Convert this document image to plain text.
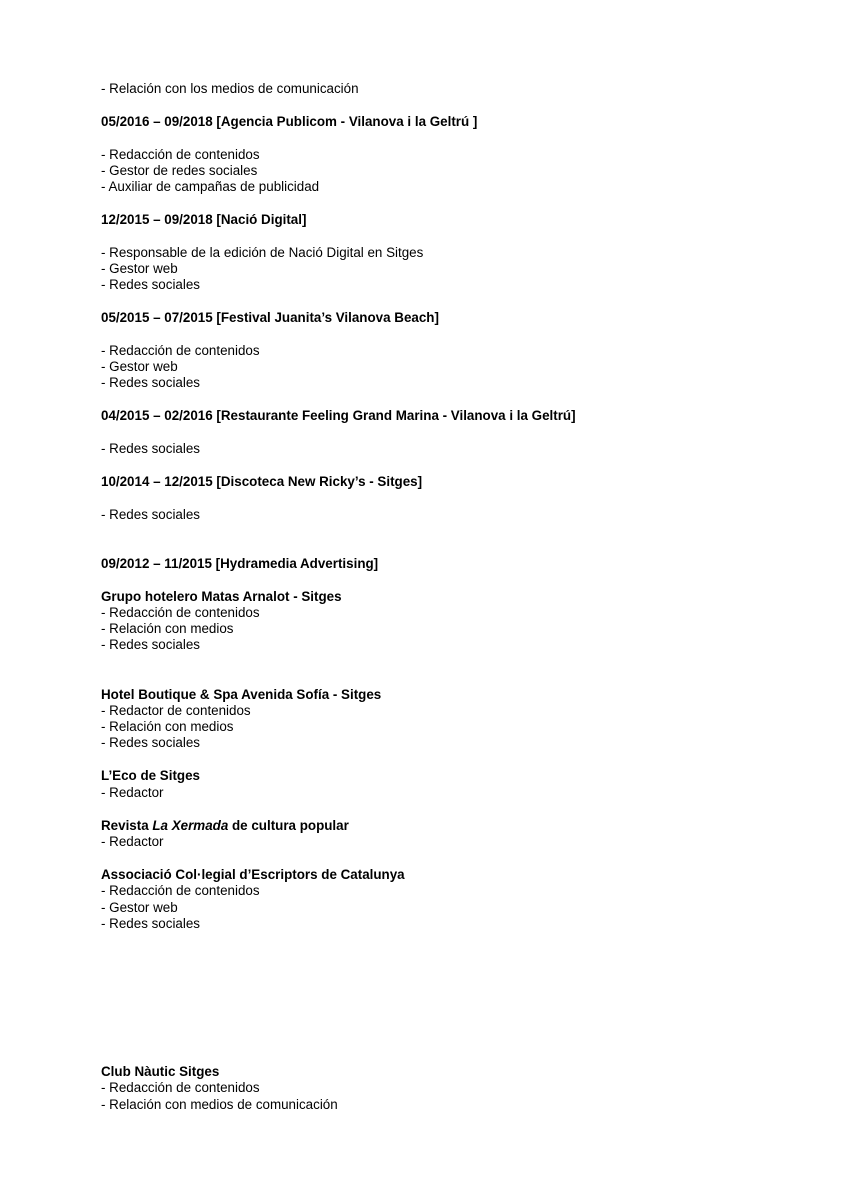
- Relación con los medios de comunicación
05/2016 – 09/2018 [Agencia Publicom - Vilanova i la Geltrú ]
- Redacción de contenidos
- Gestor de redes sociales
- Auxiliar de campañas de publicidad
12/2015 – 09/2018 [Nació Digital]
- Responsable de la edición de Nació Digital en Sitges
- Gestor web
- Redes sociales
05/2015 – 07/2015 [Festival Juanita’s Vilanova Beach]
- Redacción de contenidos
- Gestor web
- Redes sociales
04/2015 – 02/2016 [Restaurante Feeling Grand Marina - Vilanova i la Geltrú]
- Redes sociales
10/2014 – 12/2015 [Discoteca New Ricky’s - Sitges]
- Redes sociales
09/2012 – 11/2015 [Hydramedia Advertising]
Grupo hotelero Matas Arnalot - Sitges
- Redacción de contenidos
- Relación con medios
- Redes sociales
Hotel Boutique & Spa Avenida Sofía - Sitges
- Redactor de contenidos
- Relación con medios
- Redes sociales
L’Eco de Sitges
- Redactor
Revista La Xermada de cultura popular
- Redactor
Associació Col·legial d’Escriptors de Catalunya
- Redacción de contenidos
- Gestor web
- Redes sociales
Club Nàutic Sitges
- Redacción de contenidos
- Relación con medios de comunicación
